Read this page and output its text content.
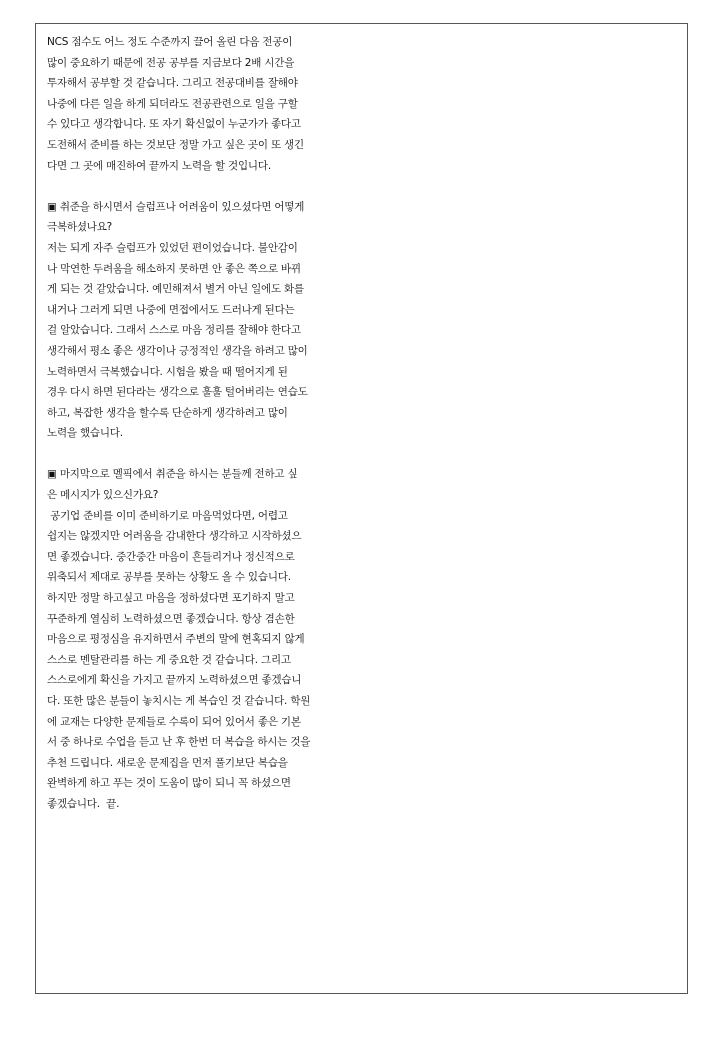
NCS 점수도 어느 정도 수준까지 끌어 올린 다음 전공이
많이 중요하기 때문에 전공 공부를 지금보다 2배 시간을
투자해서 공부할 것 같습니다. 그리고 전공대비를 잘해야
나중에 다른 일을 하게 되더라도 전공관련으로 일을 구할
수 있다고 생각합니다. 또 자기 확신없이 누군가가 좋다고
도전해서 준비를 하는 것보단 정말 가고 싶은 곳이 또 생긴
다면 그 곳에 매진하여 끝까지 노력을 할 것입니다.
▣ 취준을 하시면서 슬럼프나 어려움이 있으셨다면 어떻게
극복하셨나요?
저는 되게 자주 슬럼프가 있었던 편이었습니다. 불안감이
나 막연한 두려움을 해소하지 못하면 안 좋은 쪽으로 바뀌
게 되는 것 같았습니다. 예민해져서 별거 아닌 일에도 화를
내거나 그러게 되면 나중에 면접에서도 드러나게 된다는
걸 알았습니다. 그래서 스스로 마음 정리를 잘해야 한다고
생각해서 평소 좋은 생각이나 긍정적인 생각을 하려고 많이
노력하면서 극복했습니다. 시험을 봤을 때 떨어지게 된
경우 다시 하면 된다라는 생각으로 훌훌 털어버리는 연습도
하고, 복잡한 생각을 할수록 단순하게 생각하려고 많이
노력을 했습니다.
▣ 마지막으로 멜픽에서 취준을 하시는 분들께 전하고 싶
은 메시지가 있으신가요?
공기업 준비를 이미 준비하기로 마음먹었다면, 어렵고
쉽지는 않겠지만 어려움을 감내한다 생각하고 시작하셨으
면 좋겠습니다. 중간중간 마음이 흔들리거나 정신적으로
위축되서 제대로 공부를 못하는 상황도 올 수 있습니다.
하지만 정말 하고싶고 마음을 정하셨다면 포기하지 말고
꾸준하게 열심히 노력하셨으면 좋겠습니다. 항상 겸손한
마음으로 평정심을 유지하면서 주변의 말에 현혹되지 않게
스스로 멘탈관리를 하는 게 중요한 것 같습니다. 그리고
스스로에게 확신을 가지고 끝까지 노력하셨으면 좋겠습니
다. 또한 많은 분들이 놓치시는 게 복습인 것 같습니다. 학원
에 교재는 다양한 문제들로 수록이 되어 있어서 좋은 기본
서 중 하나로 수업을 듣고 난 후 한번 더 복습을 하시는 것을
추천 드립니다. 새로운 문제집을 먼저 풀기보단 복습을
완벽하게 하고 푸는 것이 도움이 많이 되니 꼭 하셨으면
좋겠습니다.  끝.
